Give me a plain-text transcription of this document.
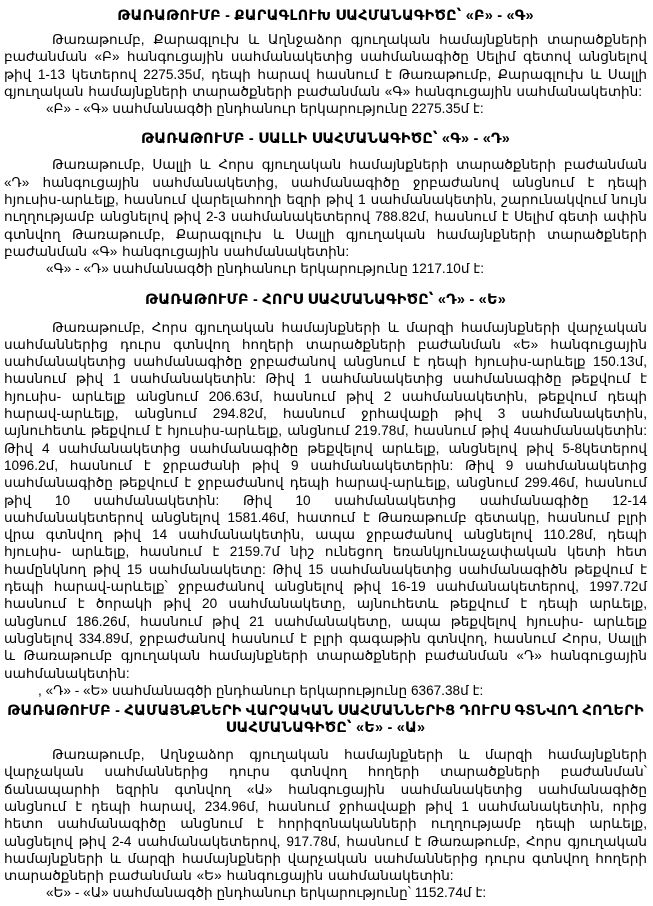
ԹԱՌԱԹՈՒՄԲ - ՔԱՐԱԳԼՈՒԽ ՍԱՀՄԱՆԱԳԻԾԸ՝ «Բ» - «Գ»

Թառաթումբ, Քարագլուխ և Աղնջաձոր գյուղական համայնքների տարածքների բաժանման «Բ» հանգուցային սահմանակետից սահմանագիծը Սելիմ գետով անցնելով թիվ 1-13 կետերով 2275.35մ, դեպի հարավ հասնում է Թառաթումբ, Քարագլուխ և Սալլի գյուղական համայնքների տարածքների բաժանման «Գ» հանգուցային սահմանակետին:

«Բ» - «Գ» սահմանագծի ընդհանուր երկարությունը 2275.35մ է:

ԹԱՌԱԹՈՒՄԲ - ՍԱԼԼԻ ՍԱՀՄԱՆԱԳԻԾԸ՝ «Գ» - «Դ»

Թառաթումբ, Սալլի և Հորս գյուղական համայնքների տարածքների բաժանման «Դ» հանգուցային սահմանակետից, սահմանագիծը ջրբաժանով անցնում է դեպի հյուսիս-արևելք, հասնում վարելահողի եզրի թիվ 1 սահմանակետին, շարունակվում նույն ուղղությամբ անցնելով թիվ 2-3 սահմանակետերով 788.82մ, հասնում է Սելիմ գետի ափին գտնվող Թառաթումբ, Քարագլուխ և Սալլի գյուղական համայնքների տարածքների բաժանման «Գ» հանգուցային սահմանակետին:

«Գ» - «Դ» սահմանագծի ընդհանուր երկարությունը 1217.10մ է:

ԹԱՌԱԹՈՒՄԲ - ՀՈՐՍ ՍԱՀՄԱՆԱԳԻԾԸ՝ «Դ» - «Ե»

Թառաթումբ, Հորս գյուղական համայնքների և մարզի համայնքների վարչական սահմաններից դուրս գտնվող հողերի տարածքների բաժանման «Ե» հանգուցային սահմանակետից սահմանագիծը ջրբաժանով անցնում է դեպի հյուսիս-արևելք 150.13մ, հասնում թիվ 1 սահմանակետին: Թիվ 1 սահմանակետից սահմանագիծը թեքվում է հյուսիս- արևելք անցնում 206.63մ, հասնում թիվ 2 սահմանակետին, թեքվում դեպի հարավ-արևելք, անցնում 294.82մ, հասնում ջրհավաքի թիվ 3 սահմանակետին, այնուհետև թեքվում է հյուսիս-արևելք, անցնում 219.78մ, հասնում թիվ 4սահմանակետին: Թիվ 4 սահմանակետից սահմանագիծը թեքվելով արևելք, անցնելով թիվ 5-8կետերով 1096.2մ, հասնում է ջրբաժանի թիվ 9 սահմանակետերին: Թիվ 9 սահմանակետից սահմանագիծը թեքվում է ջրբաժանով դեպի հարավ-արևելք, անցնում 299.46մ, հասնում թիվ 10 սահմանակետին: Թիվ 10 սահմանակետից սահմանագիծը 12-14 սահմանակետերով անցնելով 1581.46մ, հատում է Թառաթումբ գետակը, հասնում բլրի վրա գտնվող թիվ 14 սահմանակետին, ապա ջրբաժանով անցնելով 110.28մ, դեպի հյուսիս- արևելք, հասնում է 2159.7մ նիշ ունեցող եռանկյունաչափական կետի հետ համընկնող թիվ 15 սահմանակետը: Թիվ 15 սահմանակետից սահմանագիծն թեքվում է դեպի հարավ-արևելք՝ ջրբաժանով անցնելով թիվ 16-19 սահմանակետերով, 1997.72մ հասնում է ծորակի թիվ 20 սահմանակետը, այնուհետև թեքվում է դեպի արևելք, անցնում 186.26մ, հասնում թիվ 21 սահմանակետը, ապա թեքվելով հյուսիս- արևելք անցնելով 334.89մ, ջրբաժանով հասնում է բլրի գագաթին գտնվող, հասնում Հորս, Սալլի և Թառաթումբ գյուղական համայնքների տարածքների բաժանման «Դ» հանգուցային սահմանակետին:

, «Դ» - «Ե» սահմանագծի ընդհանուր երկարությունը 6367.38մ է:

ԹԱՌԱԹՈՒՄԲ - ՀԱՄԱՅՆՔՆԵՐԻ ՎԱՐՉԱԿԱՆ ՍԱՀՄԱՆՆԵՐԻՑ ԴՈՒՐՍ ԳՏՆՎՈՂ ՀՈՂԵՐԻ ՍԱՀՄԱՆԱԳԻԾԸ՝ «Ե» - «Ա»

Թառաթումբ, Աղնջաձոր գյուղական համայնքների և մարզի համայնքների վարչական սահմաններից դուրս գտնվող հողերի տարածքների բաժանման՝ ճանապարհի եզրին գտնվող «Ա» հանգուցային սահմանակետից սահմանագիծը անցնում է դեպի հարավ, 234.96մ, հասնում ջրհավաքի թիվ 1 սահմանակետին, որից հետո սահմանագիծը անցնում է հորիզոնականների ուղղությամբ դեպի արևելք, անցնելով թիվ 2-4 սահմանակետերով, 917.78մ, հասնում է Թառաթումբ, Հորս գյուղական համայնքների և մարզի համայնքների վարչական սահմաններից դուրս գտնվող հողերի տարածքների բաժանման «Ե» հանգուցային սահմանակետին:

«Ե» - «Ա» սահմանագծի ընդհանուր երկարությունը՝ 1152.74մ է:
